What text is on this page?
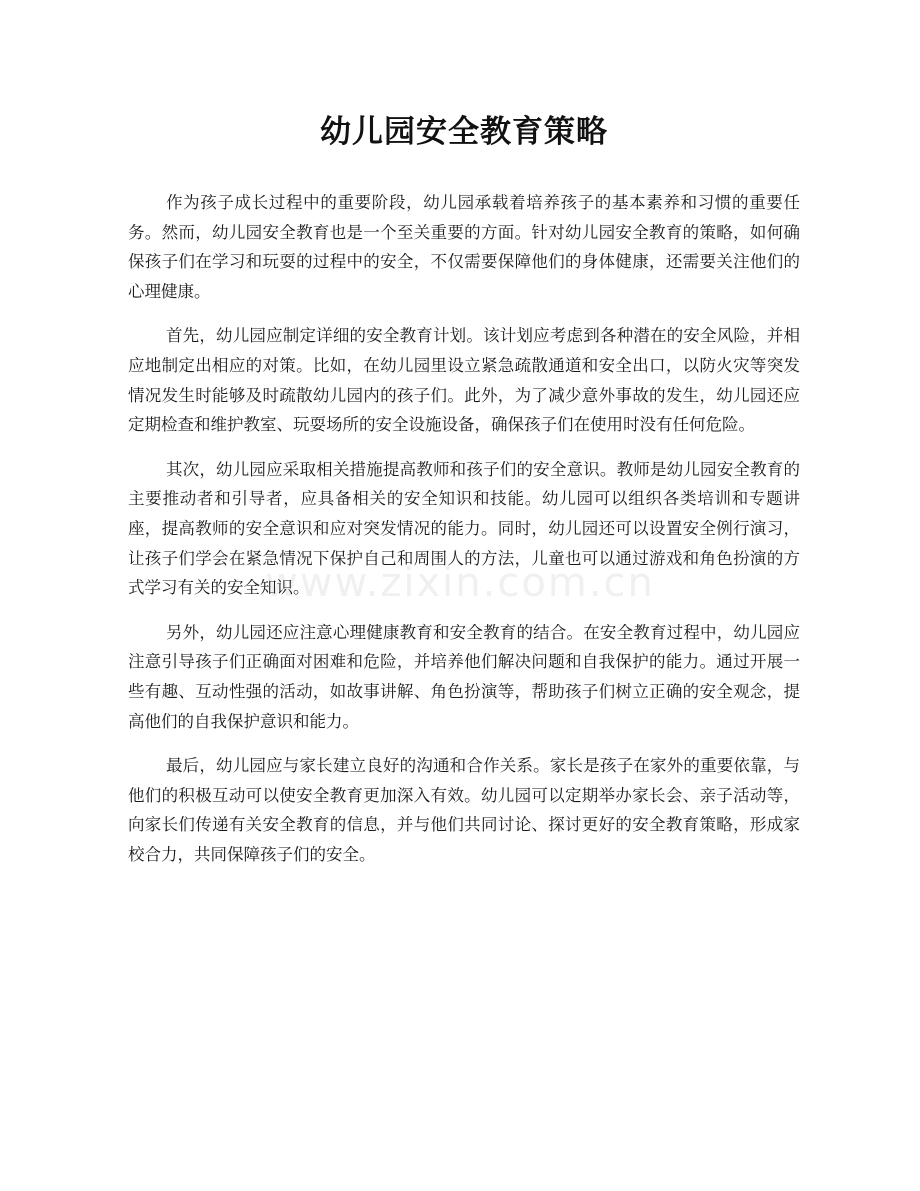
幼儿园安全教育策略

作为孩子成长过程中的重要阶段，幼儿园承载着培养孩子的基本素养和习惯的重要任务。然而，幼儿园安全教育也是一个至关重要的方面。针对幼儿园安全教育的策略，如何确保孩子们在学习和玩耍的过程中的安全，不仅需要保障他们的身体健康，还需要关注他们的心理健康。

首先，幼儿园应制定详细的安全教育计划。该计划应考虑到各种潜在的安全风险，并相应地制定出相应的对策。比如，在幼儿园里设立紧急疏散通道和安全出口，以防火灾等突发情况发生时能够及时疏散幼儿园内的孩子们。此外，为了减少意外事故的发生，幼儿园还应定期检查和维护教室、玩耍场所的安全设施设备，确保孩子们在使用时没有任何危险。

其次，幼儿园应采取相关措施提高教师和孩子们的安全意识。教师是幼儿园安全教育的主要推动者和引导者，应具备相关的安全知识和技能。幼儿园可以组织各类培训和专题讲座，提高教师的安全意识和应对突发情况的能力。同时，幼儿园还可以设置安全例行演习，让孩子们学会在紧急情况下保护自己和周围人的方法，儿童也可以通过游戏和角色扮演的方式学习有关的安全知识。

另外，幼儿园还应注意心理健康教育和安全教育的结合。在安全教育过程中，幼儿园应注意引导孩子们正确面对困难和危险，并培养他们解决问题和自我保护的能力。通过开展一些有趣、互动性强的活动，如故事讲解、角色扮演等，帮助孩子们树立正确的安全观念，提高他们的自我保护意识和能力。

最后，幼儿园应与家长建立良好的沟通和合作关系。家长是孩子在家外的重要依靠，与他们的积极互动可以使安全教育更加深入有效。幼儿园可以定期举办家长会、亲子活动等，向家长们传递有关安全教育的信息，并与他们共同讨论、探讨更好的安全教育策略，形成家校合力，共同保障孩子们的安全。

www.zixin.com.cn
